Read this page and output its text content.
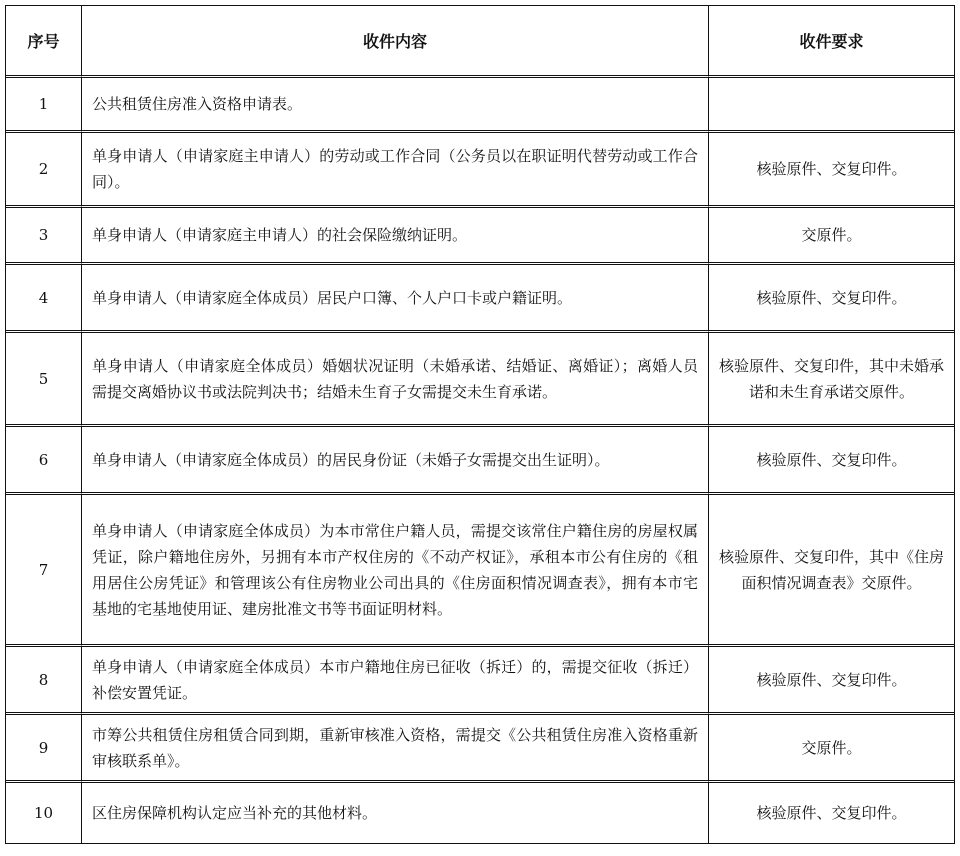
序号	收件内容	收件要求
1	公共租赁住房准入资格申请表。	

2	单身申请人（申请家庭主申请人）的劳动或工作合同（公务员以在职证明代替劳动或工作合同）。	核验原件、交复印件。

3	单身申请人（申请家庭主申请人）的社会保险缴纳证明。	交原件。

4	单身申请人（申请家庭全体成员）居民户口簿、个人户口卡或户籍证明。	核验原件、交复印件。

5	单身申请人（申请家庭全体成员）婚姻状况证明（未婚承诺、结婚证、离婚证）；离婚人员需提交离婚协议书或法院判决书；结婚未生育子女需提交未生育承诺。	核验原件、交复印件，其中未婚承诺和未生育承诺交原件。

6	单身申请人（申请家庭全体成员）的居民身份证（未婚子女需提交出生证明）。	核验原件、交复印件。

7	单身申请人（申请家庭全体成员）为本市常住户籍人员，需提交该常住户籍住房的房屋权属凭证，除户籍地住房外，另拥有本市产权住房的《不动产权证》，承租本市公有住房的《租用居住公房凭证》和管理该公有住房物业公司出具的《住房面积情况调查表》，拥有本市宅基地的宅基地使用证、建房批准文书等书面证明材料。	核验原件、交复印件，其中《住房面积情况调查表》交原件。

8	单身申请人（申请家庭全体成员）本市户籍地住房已征收（拆迁）的，需提交征收（拆迁）补偿安置凭证。	核验原件、交复印件。

9	市筹公共租赁住房租赁合同到期，重新审核准入资格，需提交《公共租赁住房准入资格重新审核联系单》。	交原件。

10	区住房保障机构认定应当补充的其他材料。	核验原件、交复印件。
